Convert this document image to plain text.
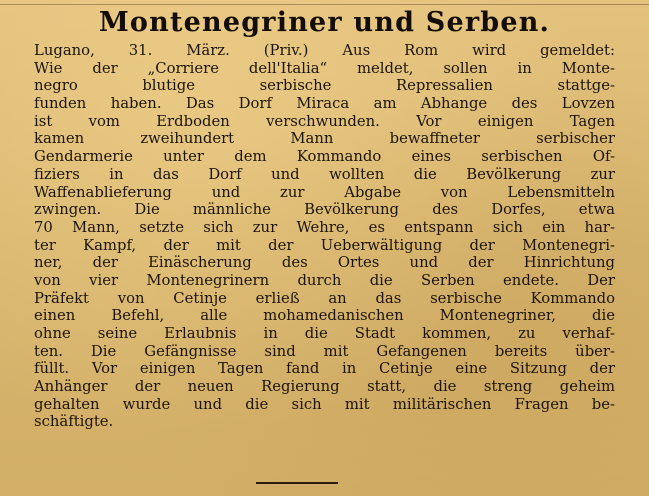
Montenegriner und Serben.
Lugano, 31. März. (Priv.) Aus Rom wird gemeldet:
Wie der „Corriere dell'Italia“ meldet, sollen in Monte-
negro blutige serbische Repressalien stattge-
funden haben. Das Dorf Miraca am Abhange des Lovzen
ist vom Erdboden verschwunden. Vor einigen Tagen
kamen zweihundert Mann bewaffneter serbischer
Gendarmerie unter dem Kommando eines serbischen Of-
fiziers in das Dorf und wollten die Bevölkerung zur
Waffenablieferung und zur Abgabe von Lebensmitteln
zwingen. Die männliche Bevölkerung des Dorfes, etwa
70 Mann, setzte sich zur Wehre, es entspann sich ein har-
ter Kampf, der mit der Ueberwältigung der Montenegri-
ner, der Einäscherung des Ortes und der Hinrichtung
von vier Montenegrinern durch die Serben endete. Der
Präfekt von Cetinje erließ an das serbische Kommando
einen Befehl, alle mohamedanischen Montenegriner, die
ohne seine Erlaubnis in die Stadt kommen, zu verhaf-
ten. Die Gefängnisse sind mit Gefangenen bereits über-
füllt. Vor einigen Tagen fand in Cetinje eine Sitzung der
Anhänger der neuen Regierung statt, die streng geheim
gehalten wurde und die sich mit militärischen Fragen be-
schäftigte.
